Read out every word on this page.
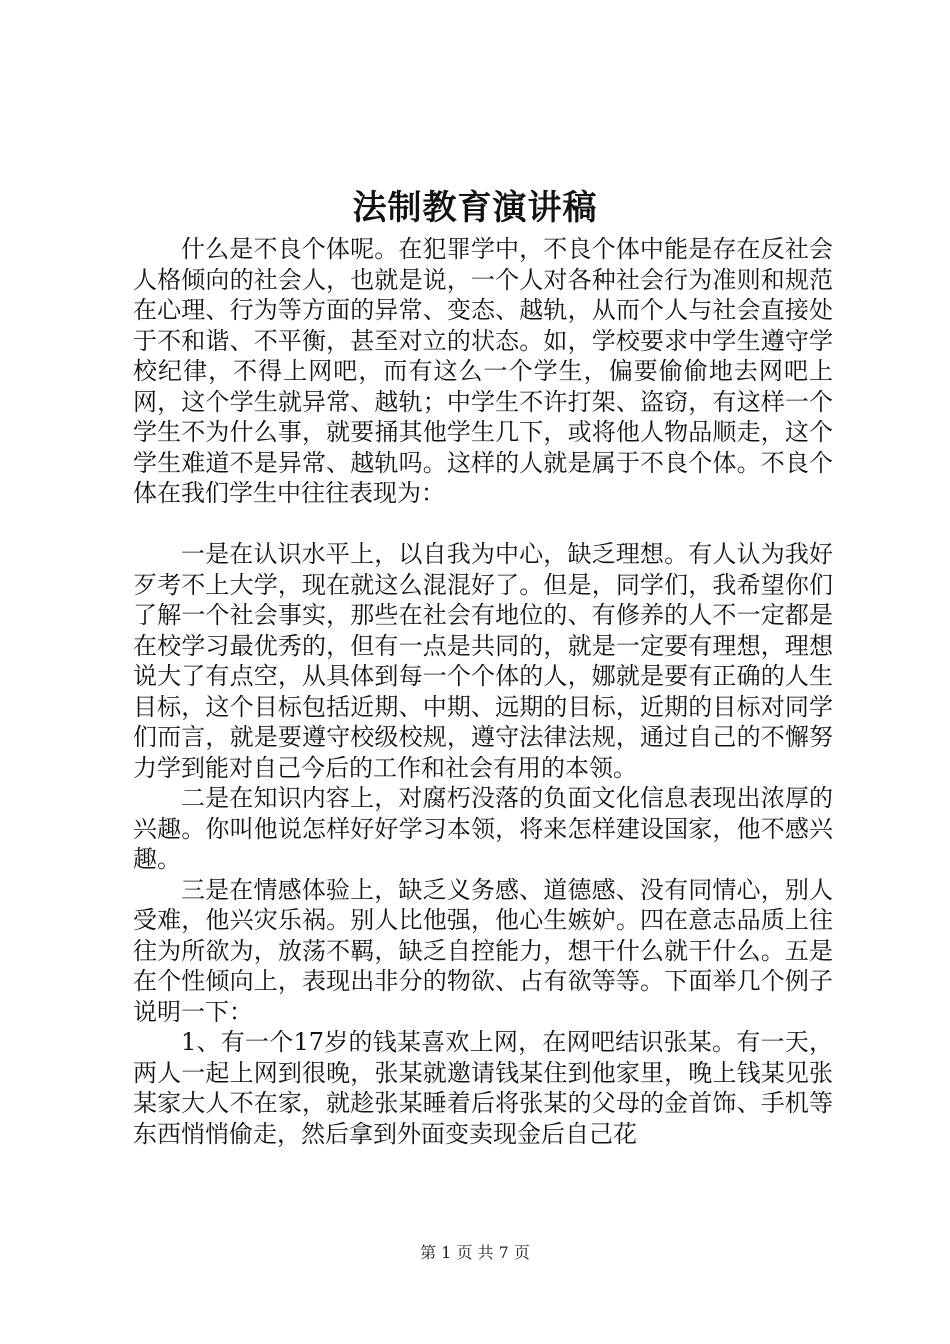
法制教育演讲稿

什么是不良个体呢。在犯罪学中，不良个体中能是存在反社会人格倾向的社会人，也就是说，一个人对各种社会行为准则和规范在心理、行为等方面的异常、变态、越轨，从而个人与社会直接处于不和谐、不平衡，甚至对立的状态。如，学校要求中学生遵守学校纪律，不得上网吧，而有这么一个学生，偏要偷偷地去网吧上网，这个学生就异常、越轨；中学生不许打架、盗窃，有这样一个学生不为什么事，就要捅其他学生几下，或将他人物品顺走，这个学生难道不是异常、越轨吗。这样的人就是属于不良个体。不良个体在我们学生中往往表现为：

一是在认识水平上，以自我为中心，缺乏理想。有人认为我好歹考不上大学，现在就这么混混好了。但是，同学们，我希望你们了解一个社会事实，那些在社会有地位的、有修养的人不一定都是在校学习最优秀的，但有一点是共同的，就是一定要有理想，理想说大了有点空，从具体到每一个个体的人，娜就是要有正确的人生目标，这个目标包括近期、中期、远期的目标，近期的目标对同学们而言，就是要遵守校级校规，遵守法律法规，通过自己的不懈努力学到能对自己今后的工作和社会有用的本领。

二是在知识内容上，对腐朽没落的负面文化信息表现出浓厚的兴趣。你叫他说怎样好好学习本领，将来怎样建设国家，他不感兴趣。

三是在情感体验上，缺乏义务感、道德感、没有同情心，别人受难，他兴灾乐祸。别人比他强，他心生嫉妒。四在意志品质上往往为所欲为，放荡不羁，缺乏自控能力，想干什么就干什么。五是在个性倾向上，表现出非分的物欲、占有欲等等。下面举几个例子说明一下：

1、有一个17岁的钱某喜欢上网，在网吧结识张某。有一天，两人一起上网到很晚，张某就邀请钱某住到他家里，晚上钱某见张某家大人不在家，就趁张某睡着后将张某的父母的金首饰、手机等东西悄悄偷走，然后拿到外面变卖现金后自己花

第 1 页 共 7 页
